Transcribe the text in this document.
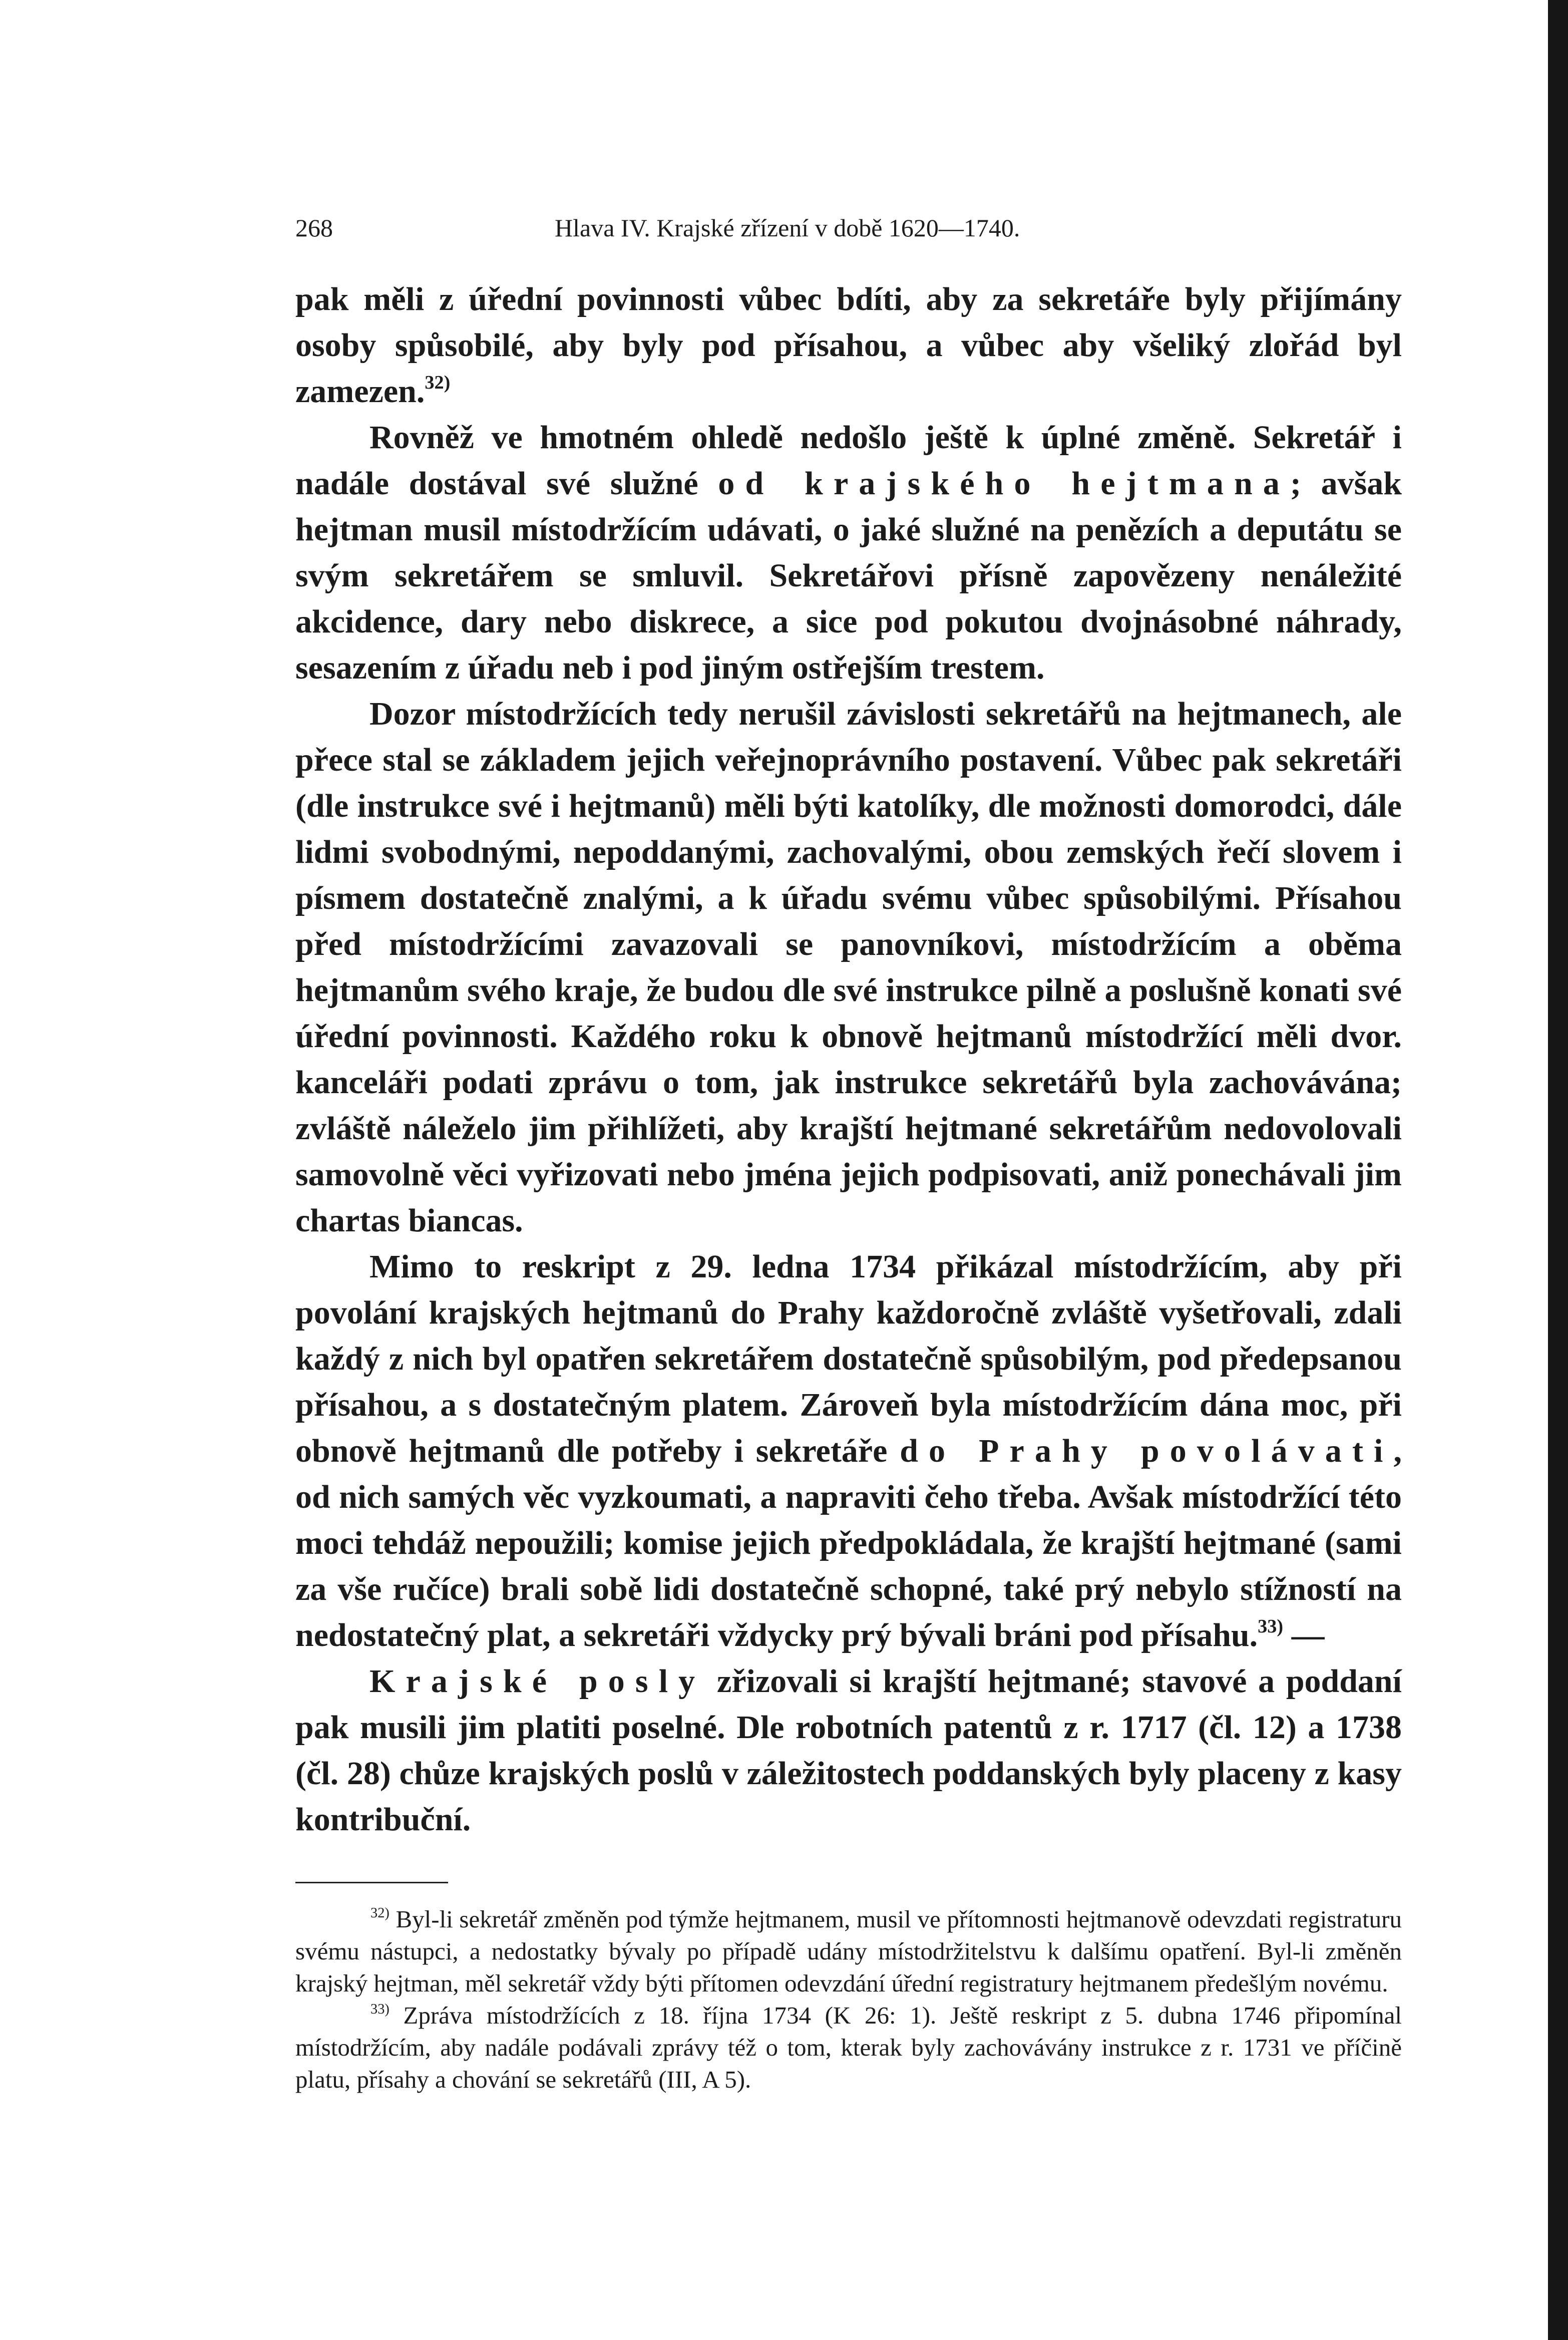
268	Hlava IV. Krajské zřízení v době 1620—1740.

pak měli z úřední povinnosti vůbec bdíti, aby za sekretáře byly přijímány osoby spůsobilé, aby byly pod přísahou, a vůbec aby všeliký zlořád byl zamezen.$^{32)}$

Rovněž ve hmotném ohledě nedošlo ještě k úplné změně. Sekretář i nadále dostával své služné od krajského hejtmana; avšak hejtman musil místodržícím udávati, o jaké služné na penězích a deputátu se svým sekretářem se smluvil. Sekretářovi přísně zapovězeny nenáležité akcidence, dary nebo diskrece, a sice pod pokutou dvojnásobné náhrady, sesazením z úřadu neb i pod jiným ostřejším trestem.

Dozor místodržících tedy nerušil závislosti sekretářů na hejtmanech, ale přece stal se základem jejich veřejnoprávního postavení. Vůbec pak sekretáři (dle instrukce své i hejtmanů) měli býti katolíky, dle možnosti domorodci, dále lidmi svobodnými, nepoddanými, zachovalými, obou zemských řečí slovem i písmem dostatečně znalými, a k úřadu svému vůbec spůsobilými. Přísahou před místodržícími zavazovali se panovníkovi, místodržícím a oběma hejtmanům svého kraje, že budou dle své instrukce pilně a poslušně konati své úřední povinnosti. Každého roku k obnově hejtmanů místodržící měli dvor. kanceláři podati zprávu o tom, jak instrukce sekretářů byla zachovávána; zvláště náleželo jim přihlížeti, aby krajští hejtmané sekretářům nedovolovali samovolně věci vyřizovati nebo jména jejich podpisovati, aniž ponechávali jim chartas biancas.

Mimo to reskript z 29. ledna 1734 přikázal místodržícím, aby při povolání krajských hejtmanů do Prahy každoročně zvláště vyšetřovali, zdali každý z nich byl opatřen sekretářem dostatečně spůsobilým, pod předepsanou přísahou, a s dostatečným platem. Zároveň byla místodržícím dána moc, při obnově hejtmanů dle potřeby i sekretáře do Prahy povolávati, od nich samých věc vyzkoumati, a napraviti čeho třeba. Avšak místodržící této moci tehdáž nepoužili; komise jejich předpokládala, že krajští hejtmané (sami za vše ručíce) brali sobě lidi dostatečně schopné, také prý nebylo stížností na nedostatečný plat, a sekretáři vždycky prý bývali bráni pod přísahu.$^{33)}$ —

Krajské posly zřizovali si krajští hejtmané; stavové a poddaní pak musili jim platiti poselné. Dle robotních patentů z r. 1717 (čl. 12) a 1738 (čl. 28) chůze krajských poslů v záležitostech poddanských byly placeny z kasy kontribuční.

$^{32)}$ Byl-li sekretář změněn pod týmže hejtmanem, musil ve přítomnosti hejtmanově odevzdati registraturu svému nástupci, a nedostatky bývaly po případě udány místodržitelstvu k dalšímu opatření. Byl-li změněn krajský hejtman, měl sekretář vždy býti přítomen odevzdání úřední registratury hejtmanem předešlým novému.

$^{33)}$ Zpráva místodržících z 18. října 1734 (K 26: 1). Ještě reskript z 5. dubna 1746 připomínal místodržícím, aby nadále podávali zprávy též o tom, kterak byly zachovávány instrukce z r. 1731 ve příčině platu, přísahy a chování se sekretářů (III, A 5).
